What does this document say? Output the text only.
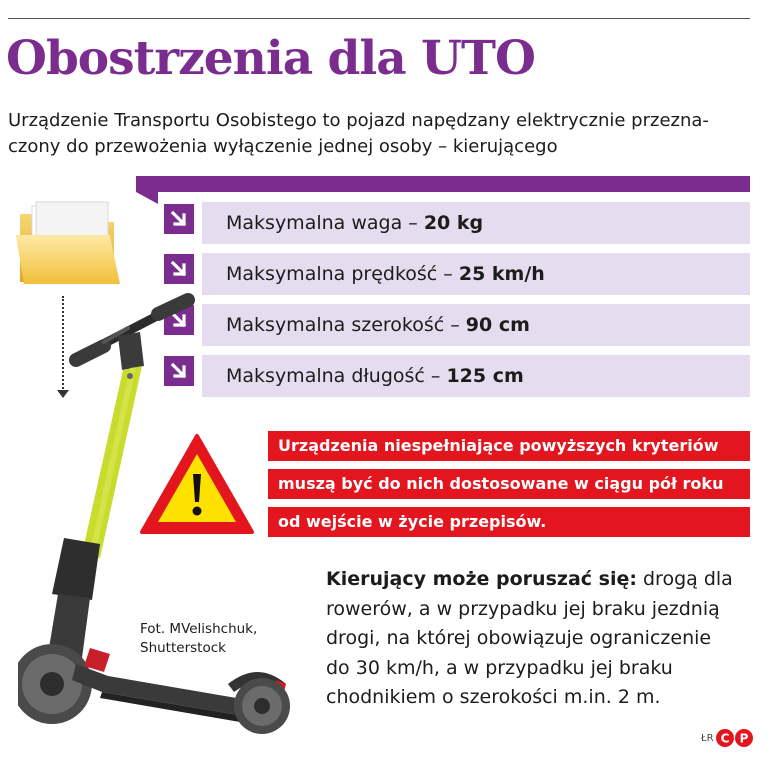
Obostrzenia dla UTO
Urządzenie Transportu Osobistego to pojazd napędzany elektrycznie przezna-
czony do przewożenia wyłączenie jednej osoby – kierującego
Maksymalna waga – 20 kg
Maksymalna prędkość – 25 km/h
Maksymalna szerokość – 90 cm
Maksymalna długość – 125 cm
Urządzenia niespełniające powyższych kryteriów
muszą być do nich dostosowane w ciągu pół roku
od wejście w życie przepisów.
Kierujący może poruszać się: drogą dla
rowerów, a w przypadku jej braku jezdnią
drogi, na której obowiązuje ograniczenie
do 30 km/h, a w przypadku jej braku
chodnikiem o szerokości m.in. 2 m.
Fot. MVelishchuk,
Shutterstock
ŁR C P
